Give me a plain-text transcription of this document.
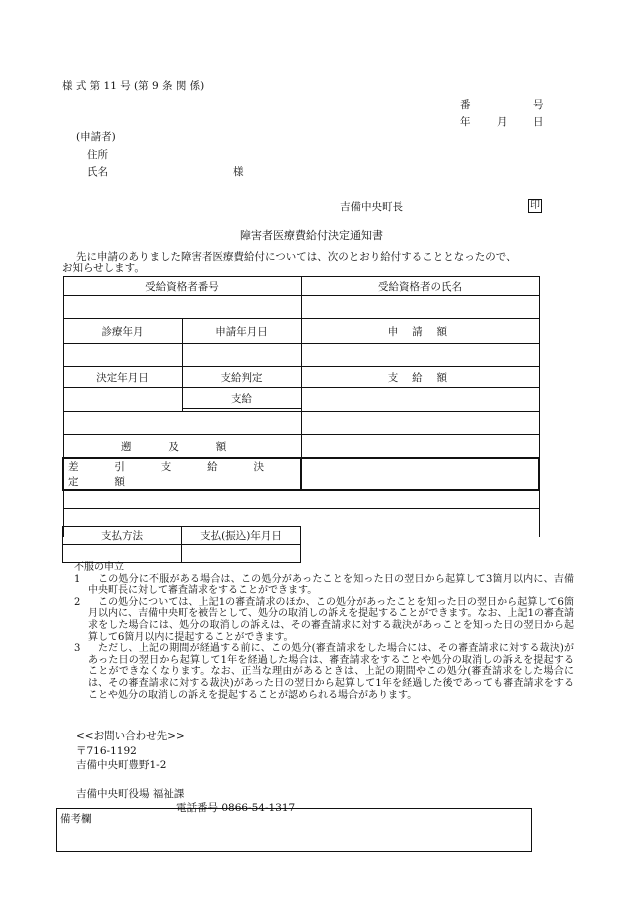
様 式 第 11 号 (第 9 条 関 係)
番	号
年	月 日
(申請者)
住所
氏名	様
吉備中央町長	印
障害者医療費給付決定通知書
先に申請のありました障害者医療費給付については、次のとおり給付することとなったので、
お知らせします。
受給資格者番号		受給資格者の氏名

診療年月	申請年月日	申 請 額

決定年月日	支給判定	支 給 額
	支給	

遡 及 額		
差 引 支 給 決 定 額		

支払方法	支払(振込)年月日

不服の申立
1	この処分に不服がある場合は、この処分があったことを知った日の翌日から起算して3箇月以内に、吉備中央町長に対して審査請求をすることができます。
2	この処分については、上記1の審査請求のほか、この処分があったことを知った日の翌日から起算して6箇月以内に、吉備中央町を被告として、処分の取消しの訴えを提起することができます。なお、上記1の審査請求をした場合には、処分の取消しの訴えは、その審査請求に対する裁決があっことを知った日の翌日から起算して6箇月以内に提起することができます。
3	ただし、上記の期間が経過する前に、この処分(審査請求をした場合には、その審査請求に対する裁決)があった日の翌日から起算して1年を経過した場合は、審査請求をすることや処分の取消しの訴えを提起することができなくなります。なお、正当な理由があるときは、上記の期間やこの処分(審査請求をした場合には、その審査請求に対する裁決)があった日の翌日から起算して1年を経過した後であっても審査請求をすることや処分の取消しの訴えを提起することが認められる場合があります。
<<お問い合わせ先>>
〒716-1192
吉備中央町豊野1-2
吉備中央町役場 福祉課
電話番号 0866-54-1317
備考欄
